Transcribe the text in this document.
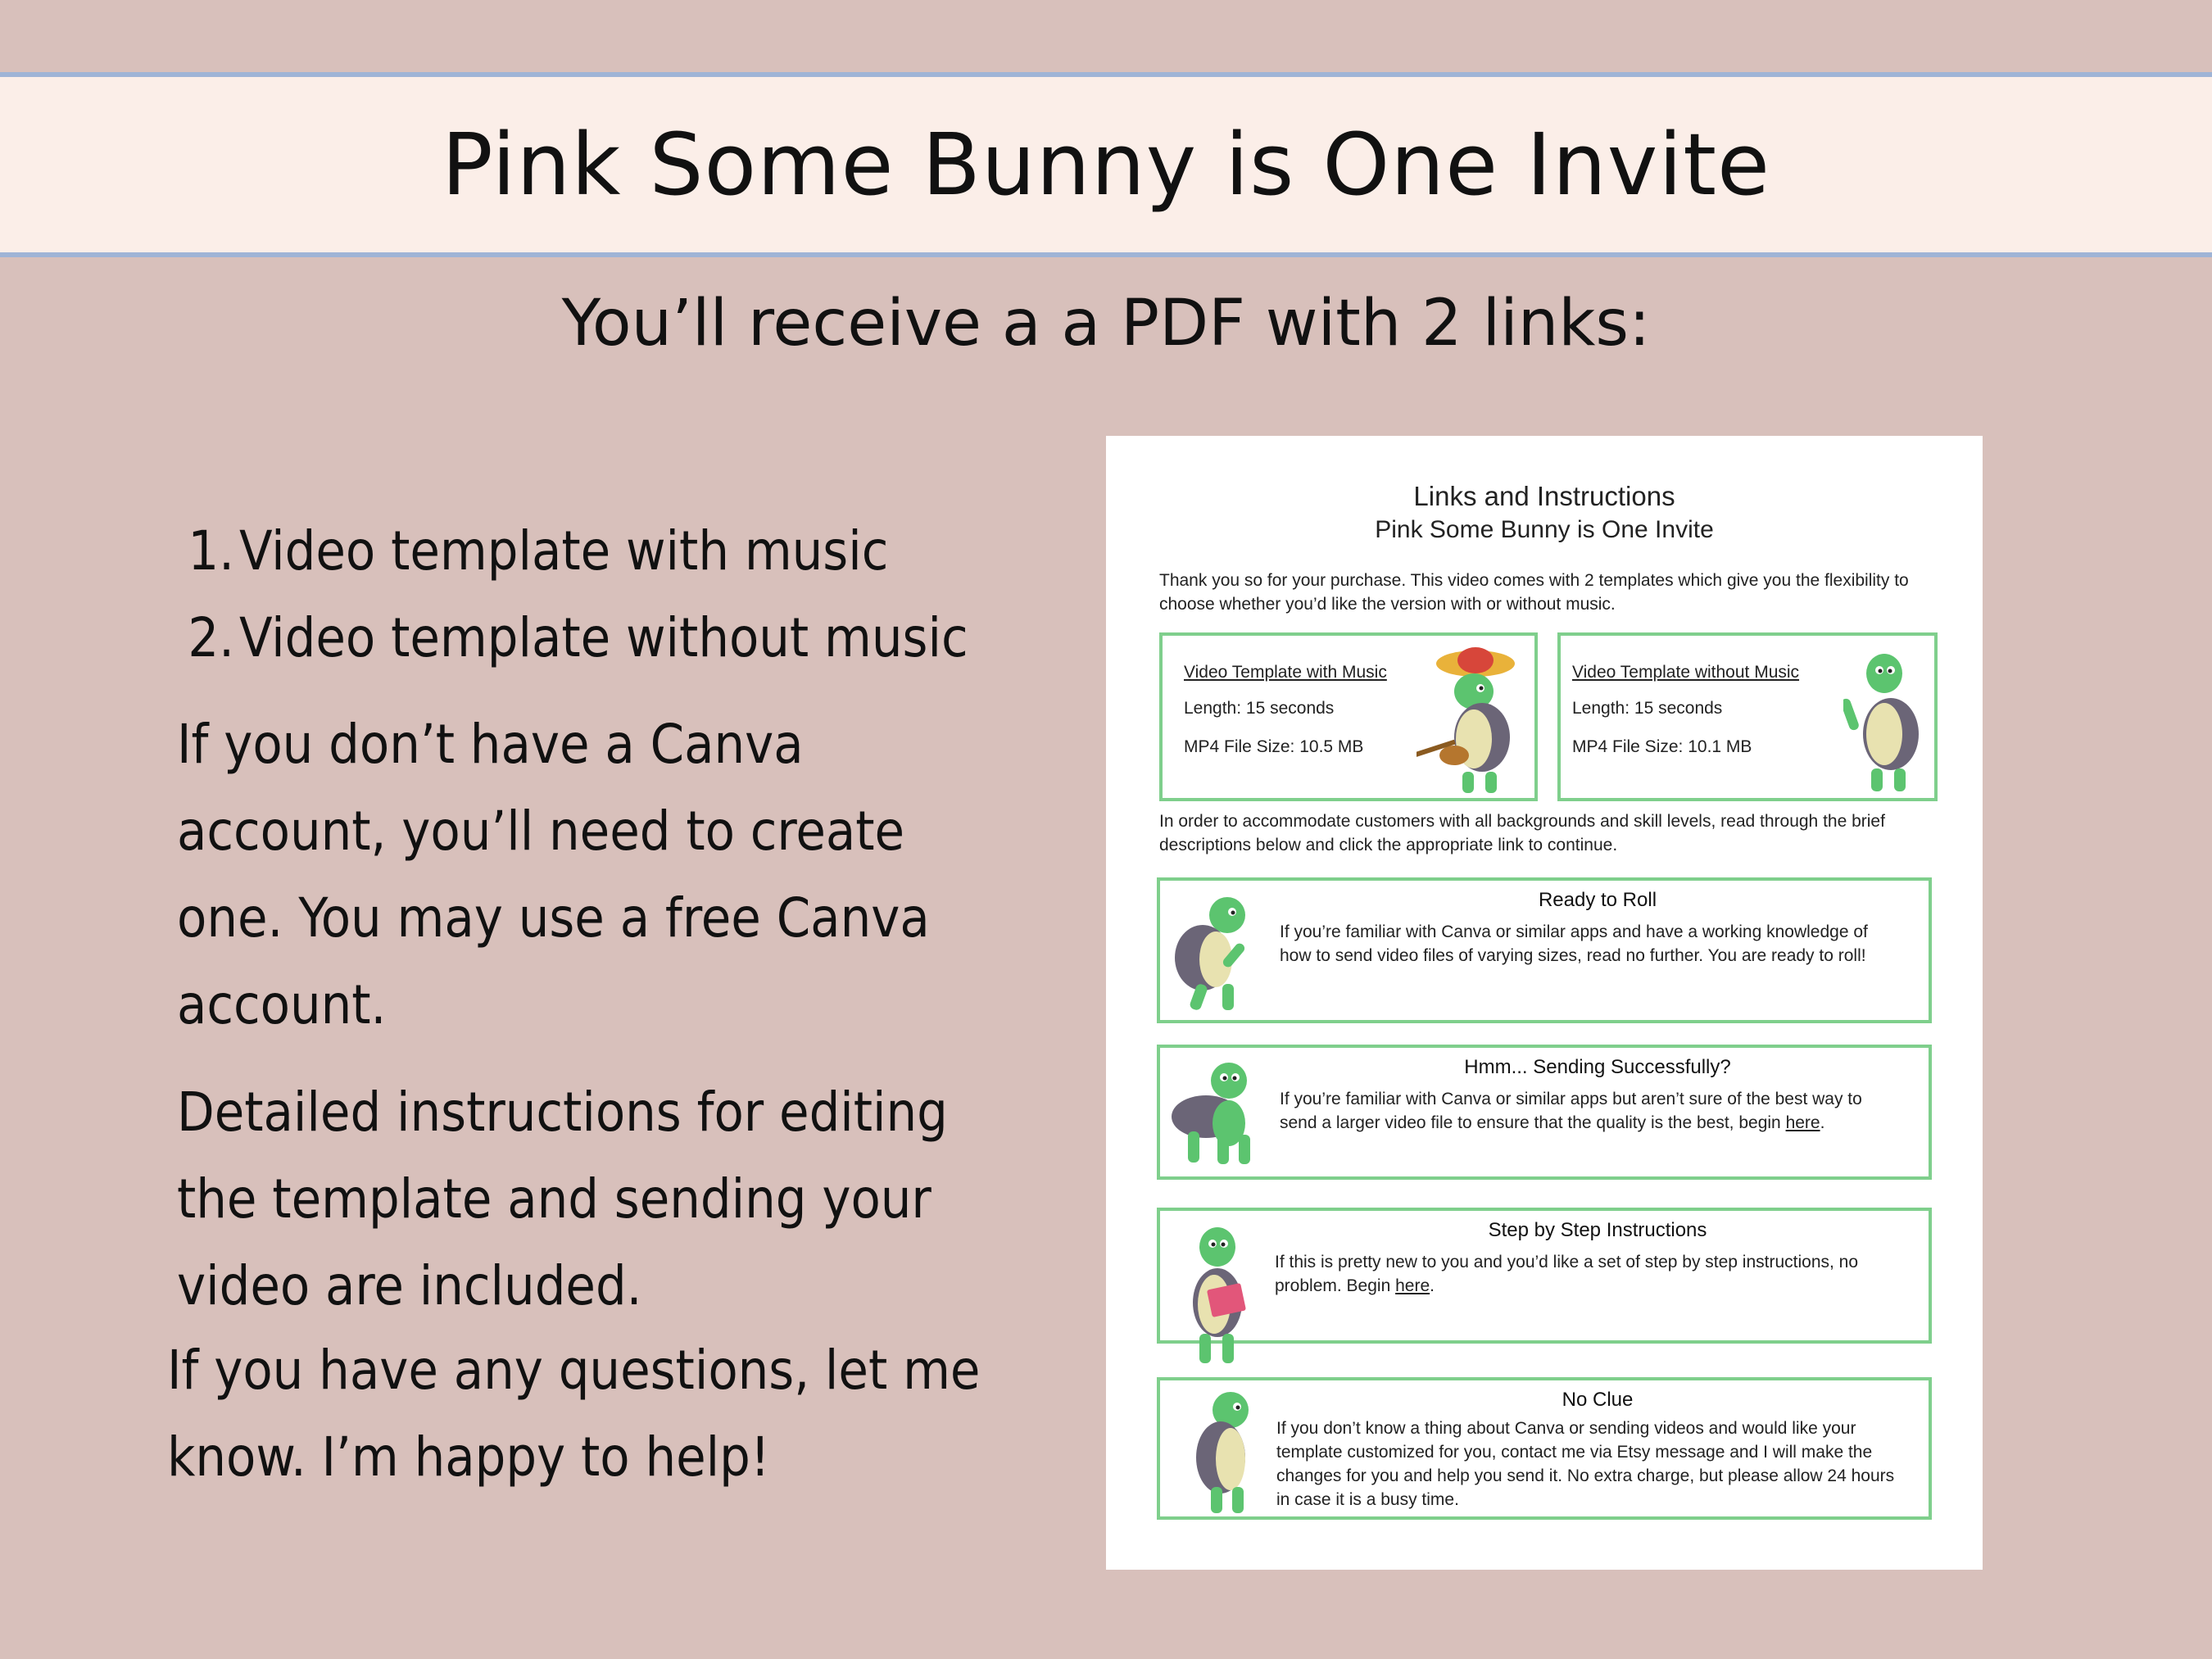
Pink Some Bunny is One Invite
You’ll receive a a PDF with 2 links:
1. Video template with music
2. Video template without music
If you don’t have a Canva account, you’ll need to create one. You may use a free Canva account.
Detailed instructions for editing the template and sending your video are included.
If you have any questions, let me know. I’m happy to help!
Links and Instructions
Pink Some Bunny is One Invite
Thank you so for your purchase. This video comes with 2 templates which give you the flexibility to choose whether you’d like the version with or without music.
Video Template with Music
Length: 15 seconds
MP4 File Size: 10.5 MB
Video Template without Music
Length: 15 seconds
MP4 File Size: 10.1 MB
In order to accommodate customers with all backgrounds and skill levels, read through the brief descriptions below and click the appropriate link to continue.
Ready to Roll
If you’re familiar with Canva or similar apps and have a working knowledge of how to send video files of varying sizes, read no further. You are ready to roll!
Hmm... Sending Successfully?
If you’re familiar with Canva or similar apps but aren’t sure of the best way to send a larger video file to ensure that the quality is the best, begin here.
Step by Step Instructions
If this is pretty new to you and you’d like a set of step by step instructions, no problem. Begin here.
No Clue
If you don’t know a thing about Canva or sending videos and would like your template customized for you, contact me via Etsy message and I will make the changes for you and help you send it. No extra charge, but please allow 24 hours in case it is a busy time.
